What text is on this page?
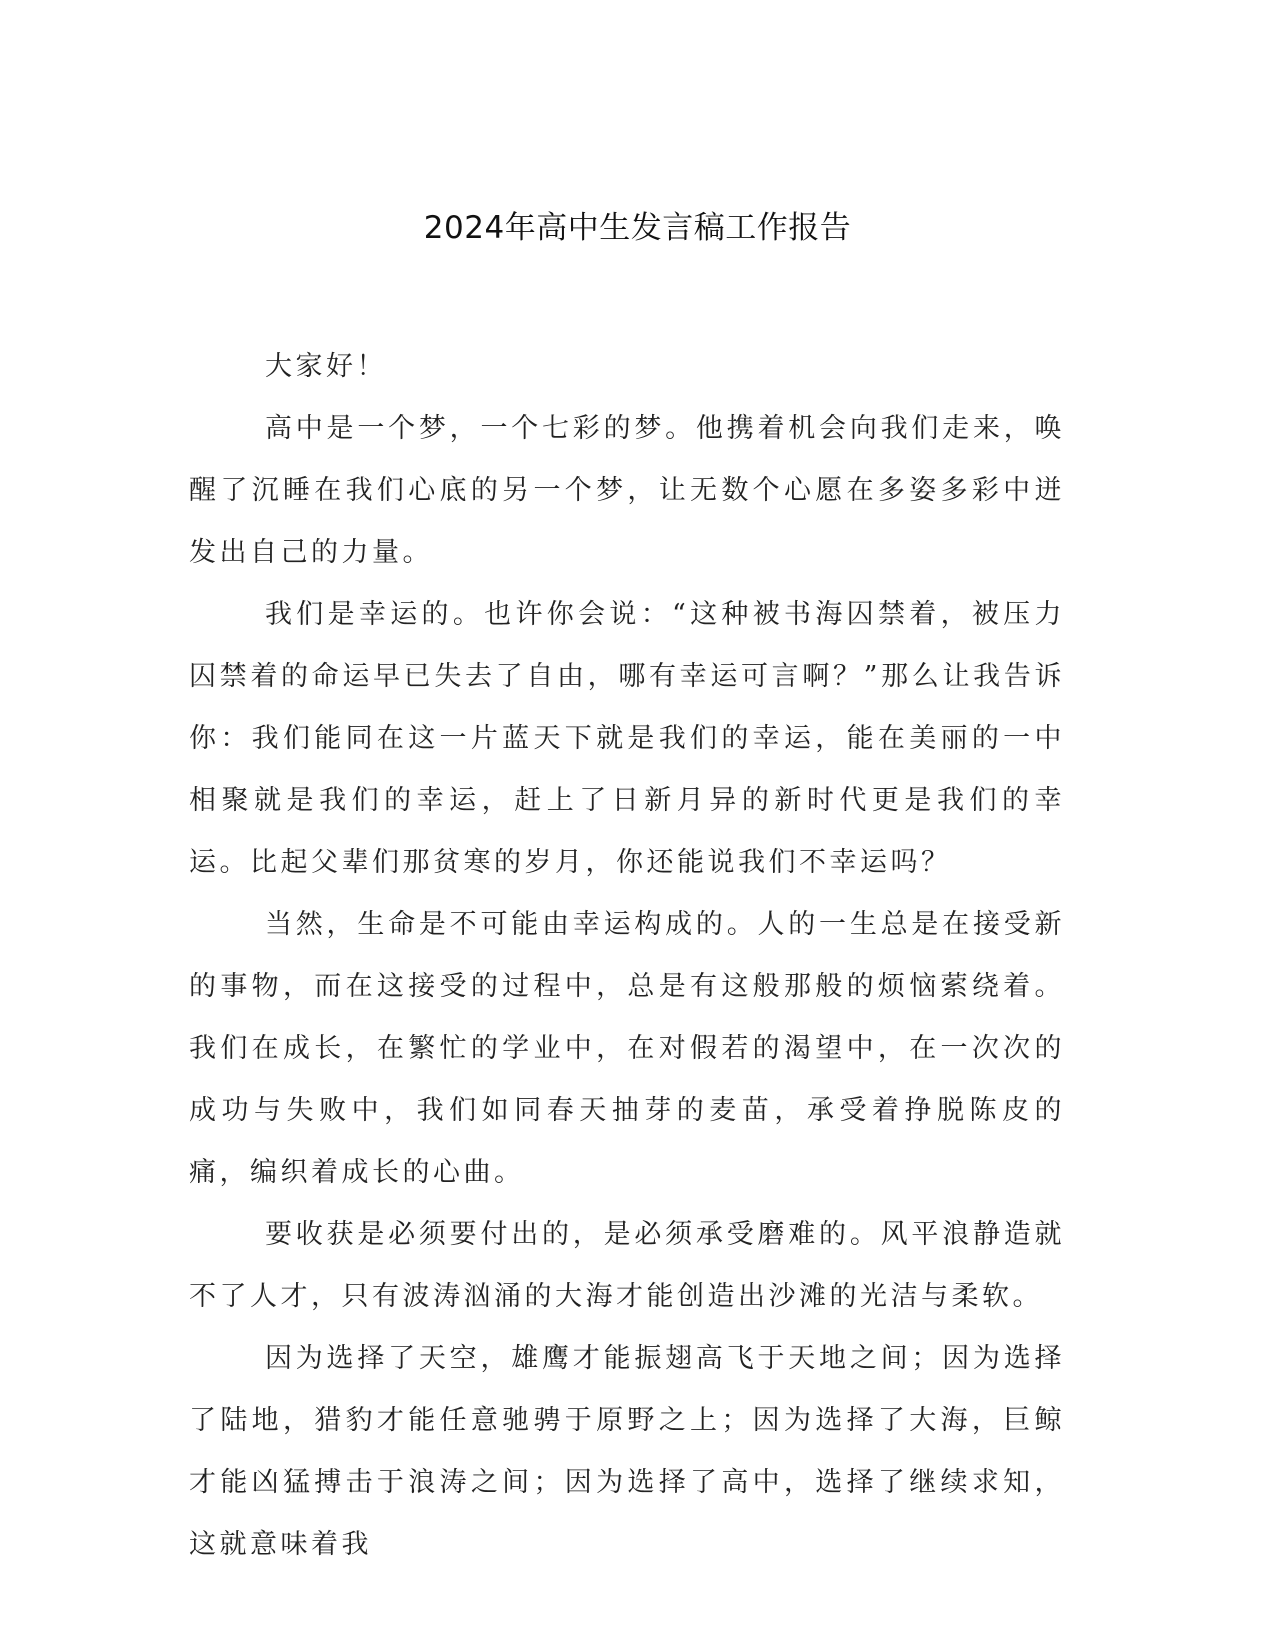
2024年高中生发言稿工作报告

大家好！

高中是一个梦，一个七彩的梦。他携着机会向我们走来，唤醒了沉睡在我们心底的另一个梦，让无数个心愿在多姿多彩中迸发出自己的力量。

我们是幸运的。也许你会说：“这种被书海囚禁着，被压力囚禁着的命运早已失去了自由，哪有幸运可言啊？”那么让我告诉你：我们能同在这一片蓝天下就是我们的幸运，能在美丽的一中相聚就是我们的幸运，赶上了日新月异的新时代更是我们的幸运。比起父辈们那贫寒的岁月，你还能说我们不幸运吗？

当然，生命是不可能由幸运构成的。人的一生总是在接受新的事物，而在这接受的过程中，总是有这般那般的烦恼萦绕着。我们在成长，在繁忙的学业中，在对假若的渴望中，在一次次的成功与失败中，我们如同春天抽芽的麦苗，承受着挣脱陈皮的痛，编织着成长的心曲。

要收获是必须要付出的，是必须承受磨难的。风平浪静造就不了人才，只有波涛汹涌的大海才能创造出沙滩的光洁与柔软。

因为选择了天空，雄鹰才能振翅高飞于天地之间；因为选择了陆地，猎豹才能任意驰骋于原野之上；因为选择了大海，巨鲸才能凶猛搏击于浪涛之间；因为选择了高中，选择了继续求知，这就意味着我
